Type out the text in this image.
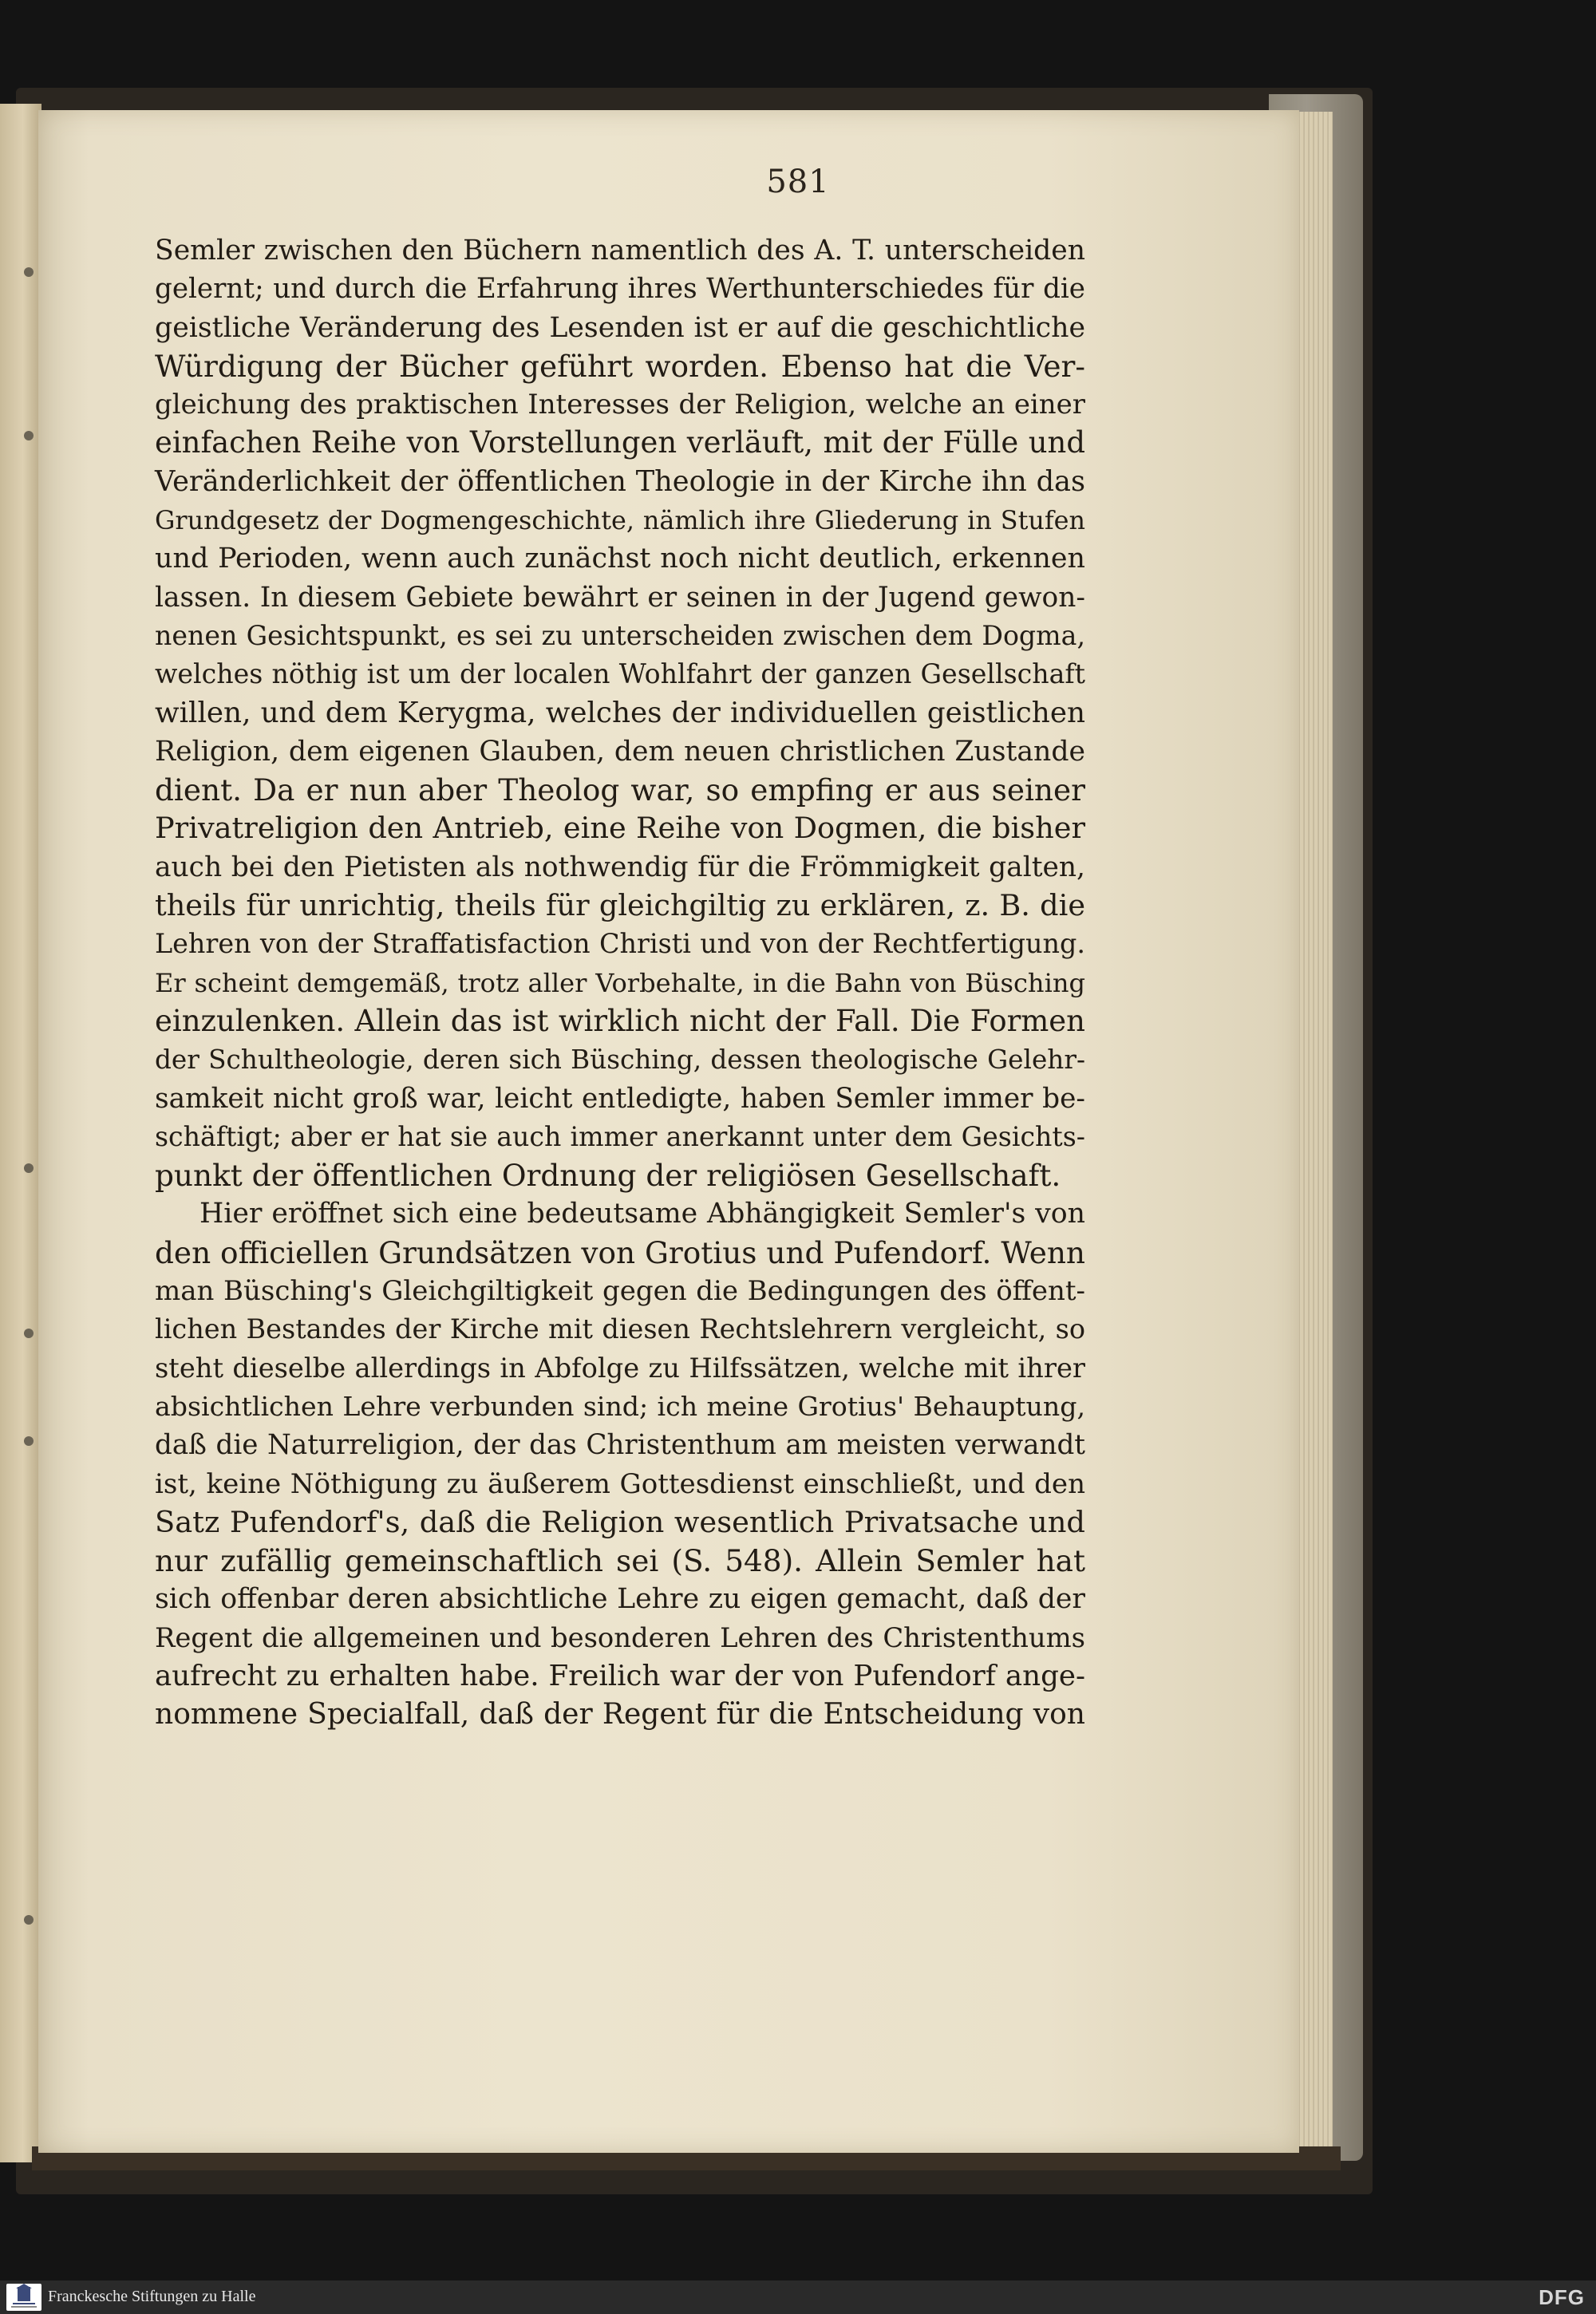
581
Semler zwischen den Büchern namentlich des A. T. unterscheiden
gelernt; und durch die Erfahrung ihres Werthunterschiedes für die
geistliche Veränderung des Lesenden ist er auf die geschichtliche
Würdigung der Bücher geführt worden. Ebenso hat die Ver-
gleichung des praktischen Interesses der Religion, welche an einer
einfachen Reihe von Vorstellungen verläuft, mit der Fülle und
Veränderlichkeit der öffentlichen Theologie in der Kirche ihn das
Grundgesetz der Dogmengeschichte, nämlich ihre Gliederung in Stufen
und Perioden, wenn auch zunächst noch nicht deutlich, erkennen
lassen. In diesem Gebiete bewährt er seinen in der Jugend gewon-
nenen Gesichtspunkt, es sei zu unterscheiden zwischen dem Dogma,
welches nöthig ist um der localen Wohlfahrt der ganzen Gesellschaft
willen, und dem Kerygma, welches der individuellen geistlichen
Religion, dem eigenen Glauben, dem neuen christlichen Zustande
dient. Da er nun aber Theolog war, so empfing er aus seiner
Privatreligion den Antrieb, eine Reihe von Dogmen, die bisher
auch bei den Pietisten als nothwendig für die Frömmigkeit galten,
theils für unrichtig, theils für gleichgiltig zu erklären, z. B. die
Lehren von der Straffatisfaction Christi und von der Rechtfertigung.
Er scheint demgemäß, trotz aller Vorbehalte, in die Bahn von Büsching
einzulenken. Allein das ist wirklich nicht der Fall. Die Formen
der Schultheologie, deren sich Büsching, dessen theologische Gelehr-
samkeit nicht groß war, leicht entledigte, haben Semler immer be-
schäftigt; aber er hat sie auch immer anerkannt unter dem Gesichts-
punkt der öffentlichen Ordnung der religiösen Gesellschaft.
Hier eröffnet sich eine bedeutsame Abhängigkeit Semler's von
den officiellen Grundsätzen von Grotius und Pufendorf. Wenn
man Büsching's Gleichgiltigkeit gegen die Bedingungen des öffent-
lichen Bestandes der Kirche mit diesen Rechtslehrern vergleicht, so
steht dieselbe allerdings in Abfolge zu Hilfssätzen, welche mit ihrer
absichtlichen Lehre verbunden sind; ich meine Grotius' Behauptung,
daß die Naturreligion, der das Christenthum am meisten verwandt
ist, keine Nöthigung zu äußerem Gottesdienst einschließt, und den
Satz Pufendorf's, daß die Religion wesentlich Privatsache und
nur zufällig gemeinschaftlich sei (S. 548). Allein Semler hat
sich offenbar deren absichtliche Lehre zu eigen gemacht, daß der
Regent die allgemeinen und besonderen Lehren des Christenthums
aufrecht zu erhalten habe. Freilich war der von Pufendorf ange-
nommene Specialfall, daß der Regent für die Entscheidung von
Franckesche Stiftungen zu Halle	DFG
